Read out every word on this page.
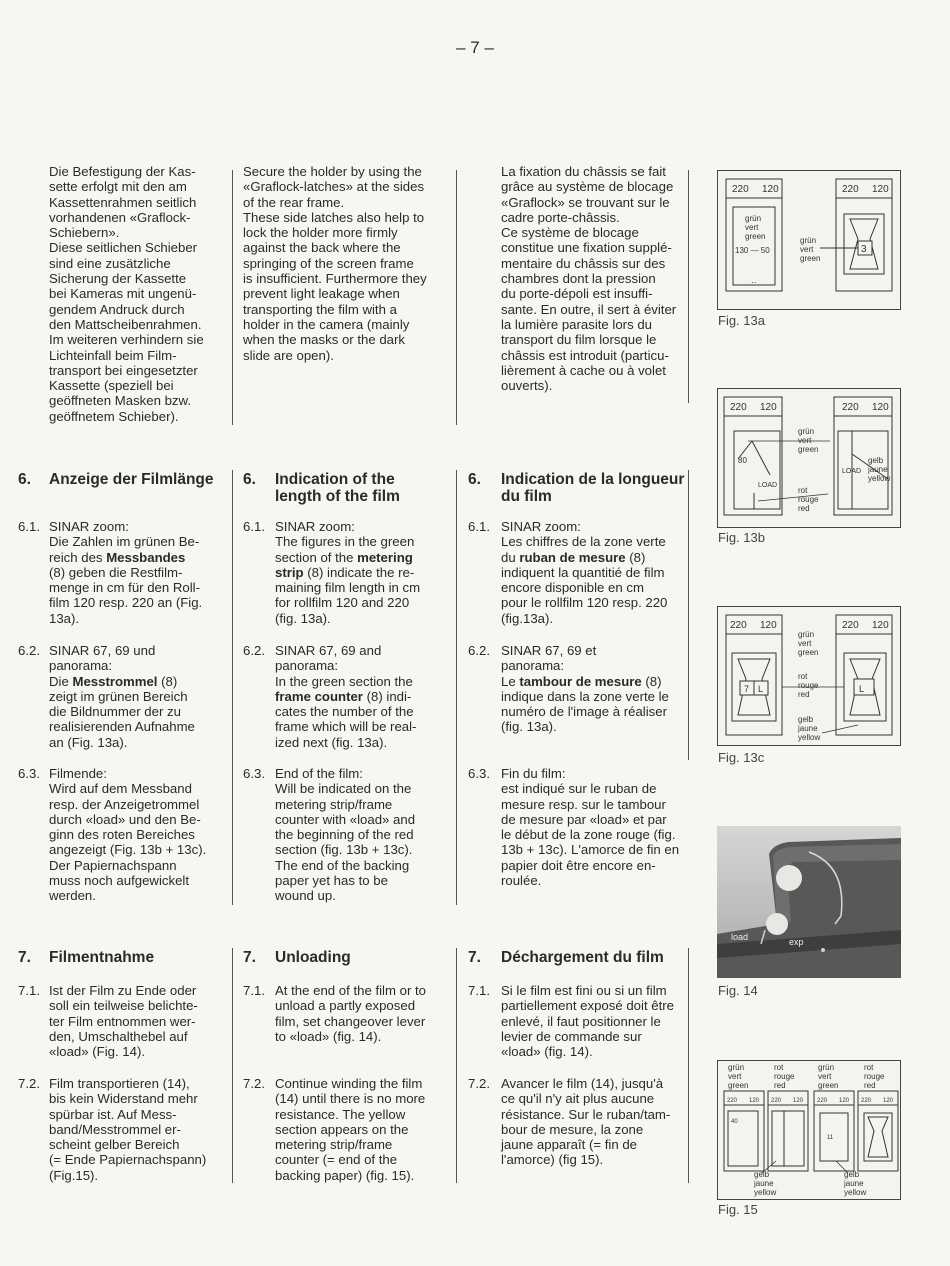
– 7 –
Die Befestigung der Kas-
sette erfolgt mit den am
Kassettenrahmen seitlich
vorhandenen «Graflock-
Schiebern».
Diese seitlichen Schieber
sind eine zusätzliche
Sicherung der Kassette
bei Kameras mit ungenü-
gendem Andruck durch
den Mattscheibenrahmen.
Im weiteren verhindern sie
Lichteinfall beim Film-
transport bei eingesetzter
Kassette (speziell bei
geöffneten Masken bzw.
geöffnetem Schieber).
Secure the holder by using the
«Graflock-latches» at the sides
of the rear frame.
These side latches also help to
lock the holder more firmly
against the back where the
springing of the screen frame
is insufficient. Furthermore they
prevent light leakage when
transporting the film with a
holder in the camera (mainly
when the masks or the dark
slide are open).
La fixation du châssis se fait
grâce au système de blocage
«Graflock» se trouvant sur le
cadre porte-châssis.
Ce système de blocage
constitue une fixation supplé-
mentaire du châssis sur des
chambres dont la pression
du porte-dépoli est insuffi-
sante. En outre, il sert à éviter
la lumière parasite lors du
transport du film lorsque le
châssis est introduit (particu-
lièrement à cache ou à volet
ouverts).
6. Anzeige der Filmlänge 6. Indication of the
length of the film
6. Indication de la longueur
du film
6.1. SINAR zoom:
Die Zahlen im grünen Be-
reich des Messbandes
(8) geben die Restfilm-
menge in cm für den Roll-
film 120 resp. 220 an (Fig.
13a).
6.1. SINAR zoom:
The figures in the green
section of the metering
strip (8) indicate the re-
maining film length in cm
for rollfilm 120 and 220
(fig. 13a).
6.1. SINAR zoom:
Les chiffres de la zone verte
du ruban de mesure (8)
indiquent la quantitié de film
encore disponible en cm
pour le rollfilm 120 resp. 220
(fig.13a).
6.2. SINAR 67, 69 und
panorama:
Die Messtrommel (8)
zeigt im grünen Bereich
die Bildnummer der zu
realisierenden Aufnahme
an (Fig. 13a).
6.2. SINAR 67, 69 and
panorama:
In the green section the
frame counter (8) indi-
cates the number of the
frame which will be real-
ized next (fig. 13a).
6.2. SINAR 67, 69 et
panorama:
Le tambour de mesure (8)
indique dans la zone verte le
numéro de l'image à réaliser
(fig. 13a).
6.3. Filmende:
Wird auf dem Messband
resp. der Anzeigetrommel
durch «load» und den Be-
ginn des roten Bereiches
angezeigt (Fig. 13b + 13c).
Der Papiernachspann
muss noch aufgewickelt
werden.
6.3. End of the film:
Will be indicated on the
metering strip/frame
counter with «load» and
the beginning of the red
section (fig. 13b + 13c).
The end of the backing
paper yet has to be
wound up.
6.3. Fin du film:
est indiqué sur le ruban de
mesure resp. sur le tambour
de mesure par «load» et par
le début de la zone rouge (fig.
13b + 13c). L'amorce de fin en
papier doit être encore en-
roulée.
7. Filmentnahme	7. Unloading	7. Déchargement du film
7.1. Ist der Film zu Ende oder
soll ein teilweise belichte-
ter Film entnommen wer-
den, Umschalthebel auf
«load» (Fig. 14).
7.1. At the end of the film or to
unload a partly exposed
film, set changeover lever
to «load» (fig. 14).
7.1. Si le film est fini ou si un film
partiellement exposé doit être
enlevé, il faut positionner le
levier de commande sur
«load» (fig. 14).
7.2. Film transportieren (14),
bis kein Widerstand mehr
spürbar ist. Auf Mess-
band/Messtrommel er-
scheint gelber Bereich
(= Ende Papiernachspann)
(Fig.15).
7.2. Continue winding the film
(14) until there is no more
resistance. The yellow
section appears on the
metering strip/frame
counter (= end of the
backing paper) (fig. 15).
7.2. Avancer le film (14), jusqu'à
ce qu'il n'y ait plus aucune
résistance. Sur le ruban/tam-
bour de mesure, la zone
jaune apparaît (= fin de
l'amorce) (fig 15).
220 120	220 120
grün
vert
green
130 — 50
‥
grün
vert
green
3
Fig. 13a
220 120	220 120
80
LOAD
LOAD
grün
vert
green
rot
rouge
red
gelb
jaune
yellow
Fig. 13b
220 120	220 120
7 L	L
grün
vert
green
rot
rouge
red
gelb
jaune
yellow
Fig. 13c
load	exp
Fig. 14
grün
vert
green
rot
rouge
red
grün
vert
green
rot
rouge
red
220 120 220 120 220 120 220 120
40
11
gelb
jaune
yellow
gelb
jaune
yellow
Fig. 15
